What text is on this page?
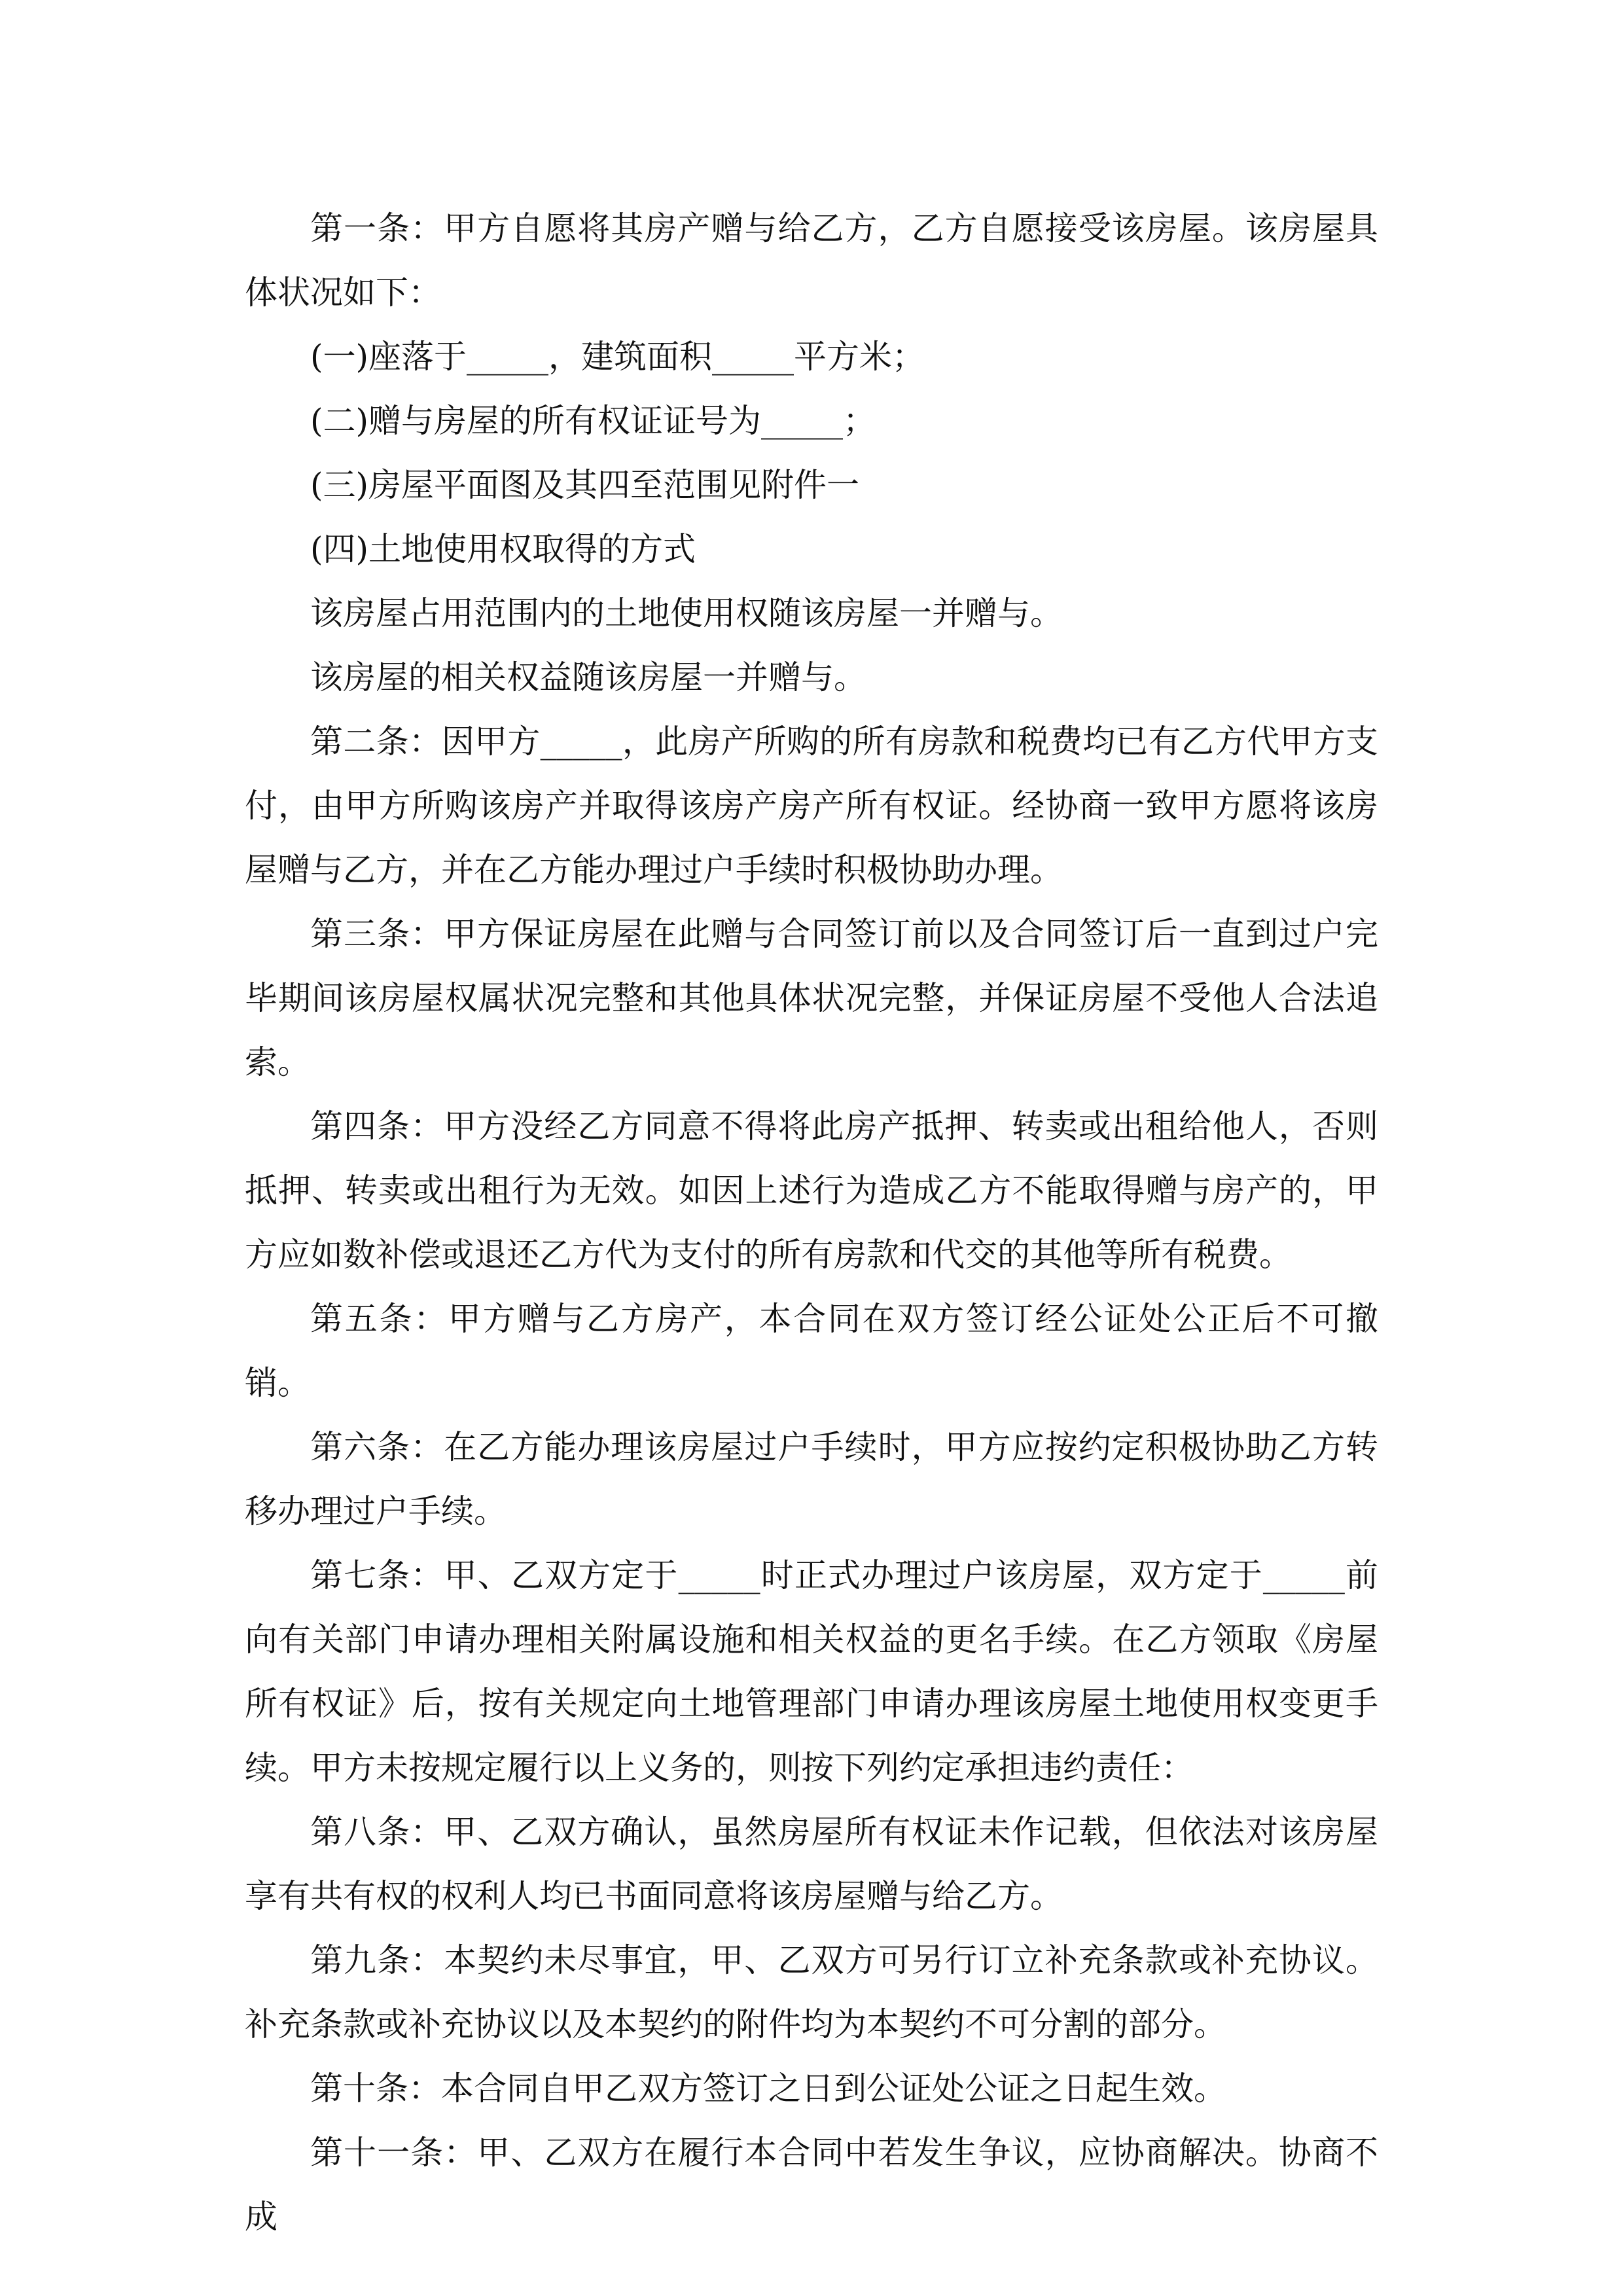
第一条：甲方自愿将其房产赠与给乙方，乙方自愿接受该房屋。该房屋具体状况如下：

(一)座落于_____，建筑面积_____平方米；

(二)赠与房屋的所有权证证号为_____；

(三)房屋平面图及其四至范围见附件一

(四)土地使用权取得的方式

该房屋占用范围内的土地使用权随该房屋一并赠与。

该房屋的相关权益随该房屋一并赠与。

第二条：因甲方_____，此房产所购的所有房款和税费均已有乙方代甲方支付，由甲方所购该房产并取得该房产房产所有权证。经协商一致甲方愿将该房屋赠与乙方，并在乙方能办理过户手续时积极协助办理。

第三条：甲方保证房屋在此赠与合同签订前以及合同签订后一直到过户完毕期间该房屋权属状况完整和其他具体状况完整，并保证房屋不受他人合法追索。

第四条：甲方没经乙方同意不得将此房产抵押、转卖或出租给他人，否则抵押、转卖或出租行为无效。如因上述行为造成乙方不能取得赠与房产的，甲方应如数补偿或退还乙方代为支付的所有房款和代交的其他等所有税费。

第五条：甲方赠与乙方房产，本合同在双方签订经公证处公正后不可撤销。

第六条：在乙方能办理该房屋过户手续时，甲方应按约定积极协助乙方转移办理过户手续。

第七条：甲、乙双方定于_____时正式办理过户该房屋，双方定于_____前向有关部门申请办理相关附属设施和相关权益的更名手续。在乙方领取《房屋所有权证》后，按有关规定向土地管理部门申请办理该房屋土地使用权变更手续。甲方未按规定履行以上义务的，则按下列约定承担违约责任：

第八条：甲、乙双方确认，虽然房屋所有权证未作记载，但依法对该房屋享有共有权的权利人均已书面同意将该房屋赠与给乙方。

第九条：本契约未尽事宜，甲、乙双方可另行订立补充条款或补充协议。补充条款或补充协议以及本契约的附件均为本契约不可分割的部分。

第十条：本合同自甲乙双方签订之日到公证处公证之日起生效。

第十一条：甲、乙双方在履行本合同中若发生争议，应协商解决。协商不成
